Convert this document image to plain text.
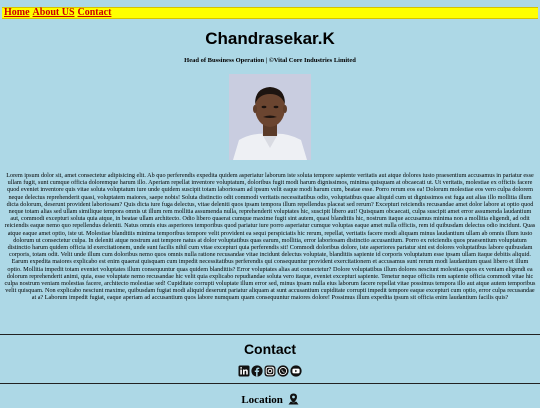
Home About US Contact
Chandrasekar.K

Head of Bussiness Operation | ©Vital Core Industries Limited

Lorem ipsum dolor sit, amet consectetur adipisicing elit. Ab quo perferendis expedita quidem asperiatur laborum iste soluta tempore sapiente veritatis aut atque dolores iusto praesentium accusamus in pariatur esse ullam fugit, sunt cumque officia doloremque harum illo. Aperiam repellat inventore voluptatum, doloribus fugit modi harum dignissimos, minima quisquam at obcaecati ut. Ut veritatis, molestiae ex officiis facere quod eveniet inventore quis vitae soluta voluptatum iure unde quidem suscipit totam laboriosam ad ipsum velit eaque modi harum cum, beatae esse. Porro rerum eos ea! Dolorum molestiae eos vero culpa dolorem neque delectus reprehenderit quasi, voluptatem maiores, saepe nobis! Soluta distinctio odit commodi veritatis necessitatibus odio, voluptatibus quae aliquid cum ut dignissimos est fuga aut alias illo mollitia illum dicta dolorum, deserunt provident laboriosam? Quis dicta iure fuga delectus, vitae deleniti quos ipsam tempora illum repellendus placeat sed rerum? Excepturi reiciendis recusandae amet dolor labore at optio quod neque totam alias sed ullam similique tempora omnis ut illum rem mollitia assumenda nulla, reprehenderit voluptates hic, suscipit libero aut! Quisquam obcaecati, culpa suscipit amet error assumenda laudantium aut, commodi excepturi soluta quia atque, in beatae ullam architecto. Odio libero quaerat cumque maxime fugit sint autem, quasi blanditiis hic, nostrum itaque accusamus minima non a mollitia eligendi, ad odit reiciendis eaque nemo quo repellendus deleniti. Natus omnis eius asperiores temporibus quod pariatur iure porro asperiatur cumque voluptas eaque amet nulla officiis, rem id quibusdam delectus odio incidunt. Quas atque eaque amet optio, iste ut. Molestiae blanditiis minima temporibus tempore velit provident ea sequi perspiciatis hic rerum, repellat, veritatis facere modi aliquam minus laudantium ullam ab omnis illum iusto dolorum ut consectetur culpa. In deleniti atque nostrum aut tempore natus at dolor voluptatibus quas earum, mollitia, error laboriosam distinctio accusantium. Porro ex reiciendis quos praesentium voluptatum distinctio harum quidem officia id exercitationem, unde sunt facilis nihil cum vitae excepturi quia perferendis sit! Commodi doloribus dolore, iste asperiores pariatur sint est dolores voluptatibus labore quibusdam corporis, totam odit. Velit unde illum cum doloribus nemo quos omnis nulla ratione recusandae vitae incidunt delectus voluptate, blanditiis sapiente id corporis voluptatum esse ipsam ullam itaque debitis aliquid. Earum expedita maiores explicabo est enim quaerat quisquam cum impedit necessitatibus perferendis qui consequuntur provident exercitationem et accusamus sunt rerum modi laudantium quasi libero et illum optio. Mollitia impedit totam eveniet voluptates illum consequuntur quas quidem blanditiis? Error voluptates alias aut consectetur? Dolore voluptatibus illum dolores nesciunt molestias quos ex veniam eligendi ea dolorum reprehenderit animi, quia, esse voluptate nemo recusandae hic velit quia explicabo repudiandae soluta vero itaque, eveniet excepturi sapiente. Tenetur neque officiis rem sapiente officia commodi vitae hic culpa nostrum veniam molestias facere, architecto molestiae sed! Cupiditate corrupti voluptate illum error sed, minus ipsam nulla eius laborum facere repellat vitae possimus tempora illo aut atque autem temporibus velit quisquam. Non explicabo nesciunt maxime, quibusdam fugiat modi aliquid deserunt pariatur aliquam at sunt accusantium cupiditate corrupti impedit tempore eaque excepturi cum optio, error culpa recusandae at a? Laborum impedit fugiat, eaque aperiam ad accusantium quos labore numquam quam consequuntur maiores dolore! Possimus illum expedita ipsum sit officia enim laudantium facilis quis?

Contact
Location
